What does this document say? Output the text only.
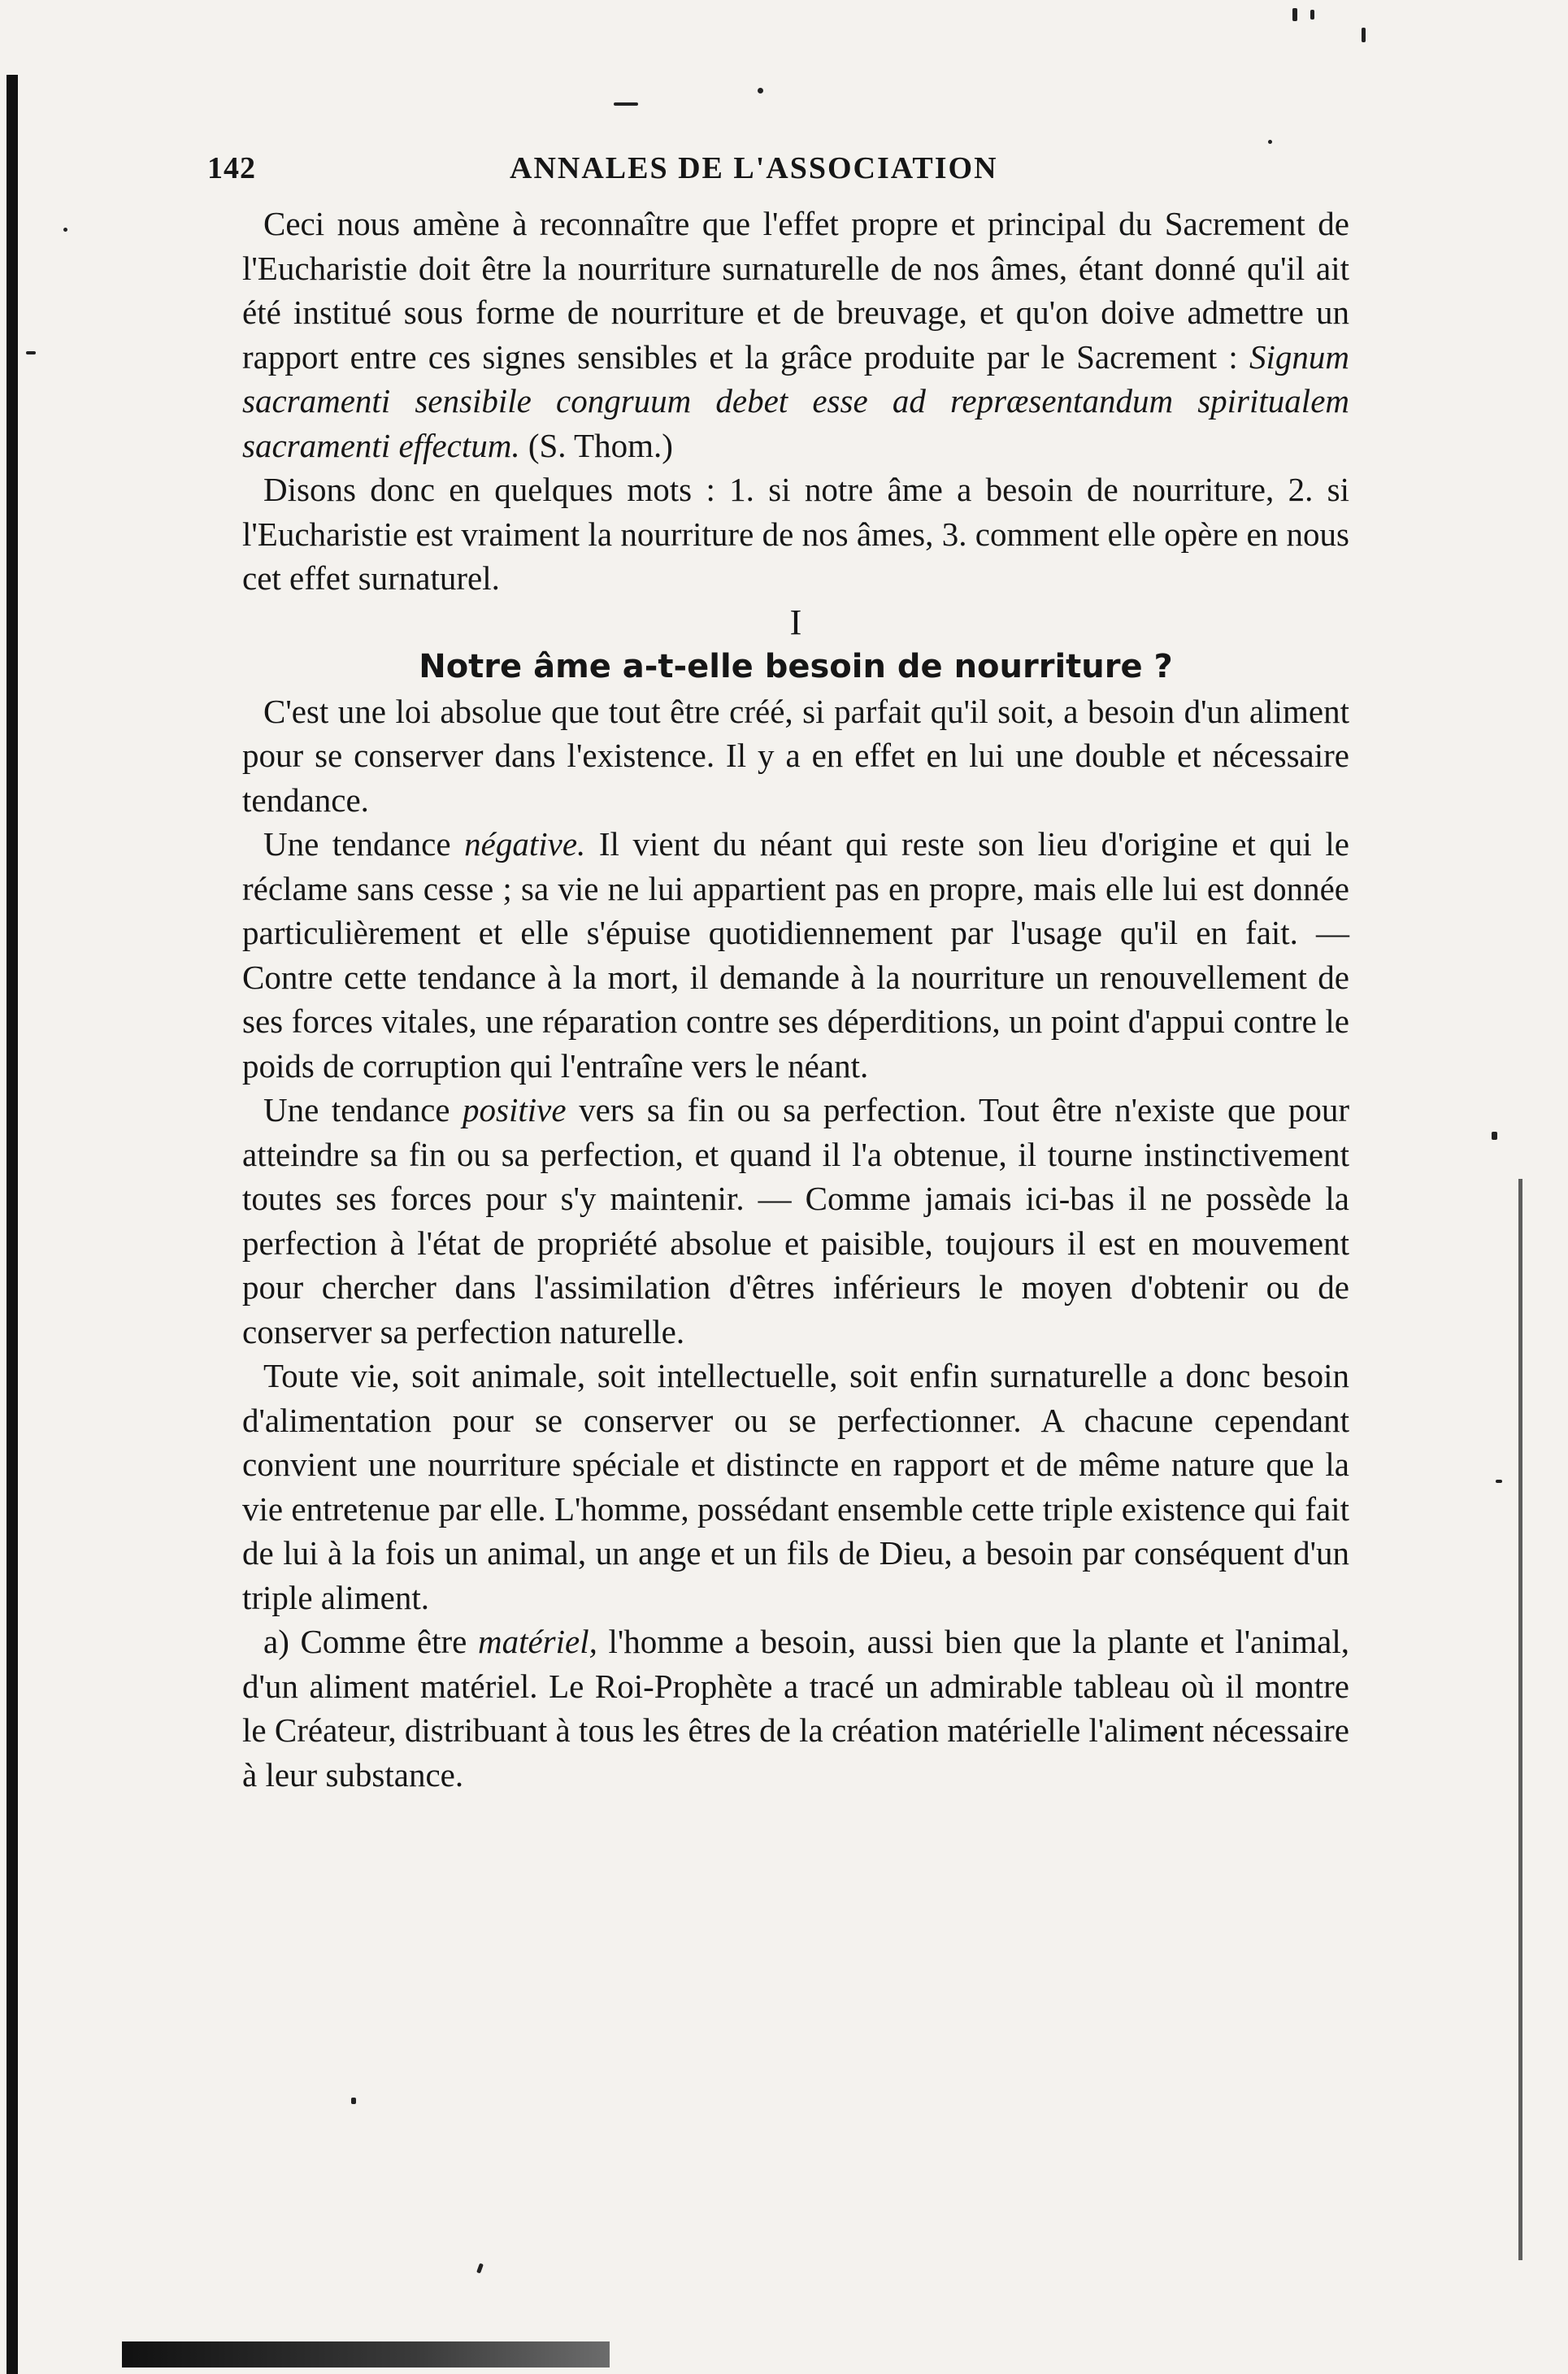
142	ANNALES DE L'ASSOCIATION

Ceci nous amène à reconnaître que l'effet propre et principal du Sacrement de l'Eucharistie doit être la nourriture surnaturelle de nos âmes, étant donné qu'il ait été institué sous forme de nourriture et de breuvage, et qu'on doive admettre un rapport entre ces signes sensibles et la grâce produite par le Sacrement : Signum sacramenti sensibile congruum debet esse ad repræsentandum spiritualem sacramenti effectum. (S. Thom.)

Disons donc en quelques mots : 1. si notre âme a besoin de nourriture, 2. si l'Eucharistie est vraiment la nourriture de nos âmes, 3. comment elle opère en nous cet effet surnaturel.

I

Notre âme a-t-elle besoin de nourriture ?

C'est une loi absolue que tout être créé, si parfait qu'il soit, a besoin d'un aliment pour se conserver dans l'existence. Il y a en effet en lui une double et nécessaire tendance.

Une tendance négative. Il vient du néant qui reste son lieu d'origine et qui le réclame sans cesse ; sa vie ne lui appartient pas en propre, mais elle lui est donnée particulièrement et elle s'épuise quotidiennement par l'usage qu'il en fait. — Contre cette tendance à la mort, il demande à la nourriture un renouvellement de ses forces vitales, une réparation contre ses déperditions, un point d'appui contre le poids de corruption qui l'entraîne vers le néant.

Une tendance positive vers sa fin ou sa perfection. Tout être n'existe que pour atteindre sa fin ou sa perfection, et quand il l'a obtenue, il tourne instinctivement toutes ses forces pour s'y maintenir. — Comme jamais ici-bas il ne possède la perfection à l'état de propriété absolue et paisible, toujours il est en mouvement pour chercher dans l'assimilation d'êtres inférieurs le moyen d'obtenir ou de conserver sa perfection naturelle.

Toute vie, soit animale, soit intellectuelle, soit enfin surnaturelle a donc besoin d'alimentation pour se conserver ou se perfectionner. A chacune cependant convient une nourriture spéciale et distincte en rapport et de même nature que la vie entretenue par elle. L'homme, possédant ensemble cette triple existence qui fait de lui à la fois un animal, un ange et un fils de Dieu, a besoin par conséquent d'un triple aliment.

a) Comme être matériel, l'homme a besoin, aussi bien que la plante et l'animal, d'un aliment matériel. Le Roi-Prophète a tracé un admirable tableau où il montre le Créateur, distribuant à tous les êtres de la création matérielle l'aliment nécessaire à leur substance.
